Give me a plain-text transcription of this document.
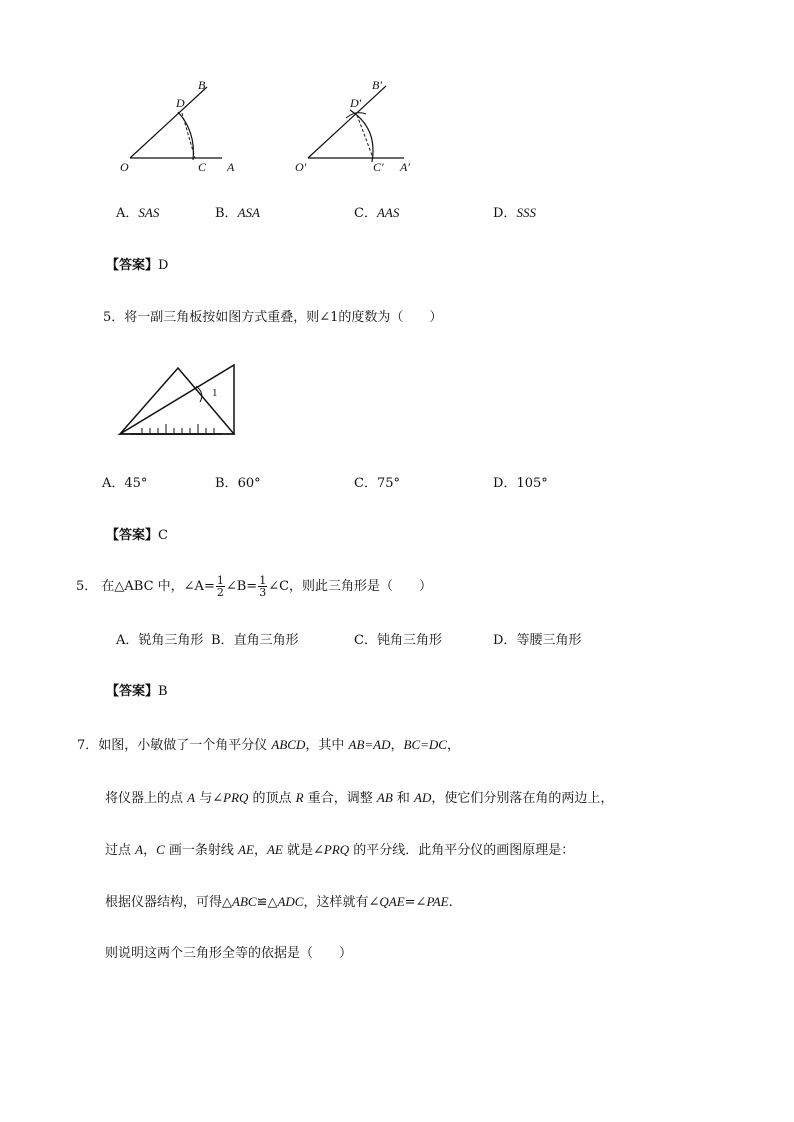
B
D
O	C A
B′
D′
O′	C′ A′
A．SAS	B．ASA	C．AAS	D．SSS
【答案】D
5．将一副三角板按如图方式重叠，则∠1的度数为（　　）
1
A．45°	B．60°	C．75°	D．105°
【答案】C
5． 在△ABC 中，∠A= $\frac{1}{2}$ ∠B= $\frac{1}{3}$ ∠C，则此三角形是（　　）
A．锐角三角形 B．直角三角形	C．钝角三角形	D．等腰三角形
【答案】B
7．如图，小敏做了一个角平分仪 ABCD，其中 AB=AD，BC=DC，
将仪器上的点 A 与∠PRQ 的顶点 R 重合，调整 AB 和 AD，使它们分别落在角的两边上，
过点 A，C 画一条射线 AE，AE 就是∠PRQ 的平分线．此角平分仪的画图原理是：
根据仪器结构，可得△ABC≌△ADC，这样就有∠QAE=∠PAE.
则说明这两个三角形全等的依据是（　　）
